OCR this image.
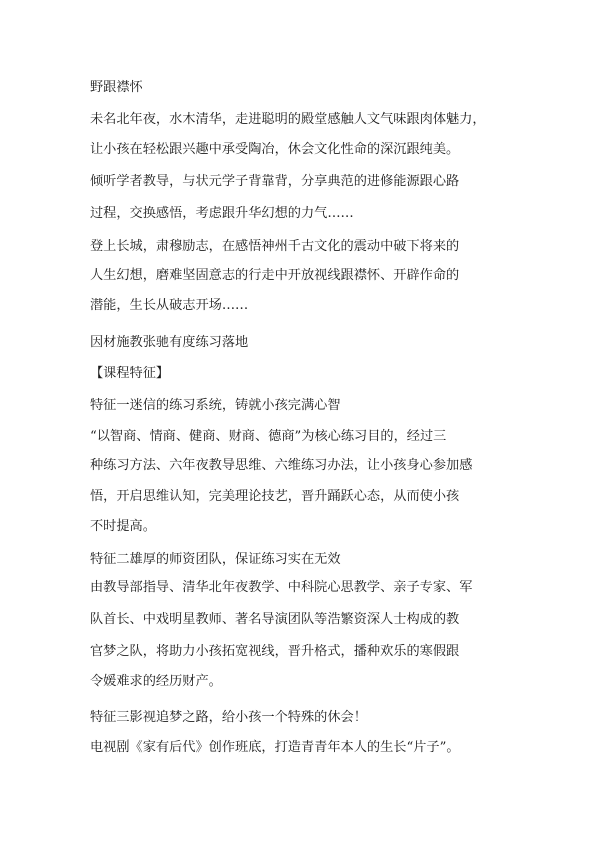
野跟襟怀
未名北年夜，水木清华，走进聪明的殿堂感触人文气味跟肉体魅力，
让小孩在轻松跟兴趣中承受陶冶，休会文化性命的深沉跟纯美。
倾听学者教导，与状元学子背靠背，分享典范的进修能源跟心路
过程，交换感悟，考虑跟升华幻想的力气……
登上长城，肃穆励志，在感悟神州千古文化的震动中破下将来的
人生幻想，磨难坚固意志的行走中开放视线跟襟怀、开辟作命的
潜能，生长从破志开场……
因材施教张驰有度练习落地
【课程特征】
特征一迷信的练习系统，铸就小孩完满心智
“以智商、情商、健商、财商、德商”为核心练习目的，经过三
种练习方法、六年夜教导思维、六维练习办法，让小孩身心参加感
悟，开启思维认知，完美理论技艺，晋升踊跃心态，从而使小孩
不时提高。
特征二雄厚的师资团队，保证练习实在无效
由教导部指导、清华北年夜教学、中科院心思教学、亲子专家、军
队首长、中戏明星教师、著名导演团队等浩繁资深人士构成的教
官梦之队，将助力小孩拓宽视线，晋升格式，播种欢乐的寒假跟
令媛难求的经历财产。
特征三影视追梦之路，给小孩一个特殊的休会！
电视剧《家有后代》创作班底，打造青青年本人的生长“片子”。
